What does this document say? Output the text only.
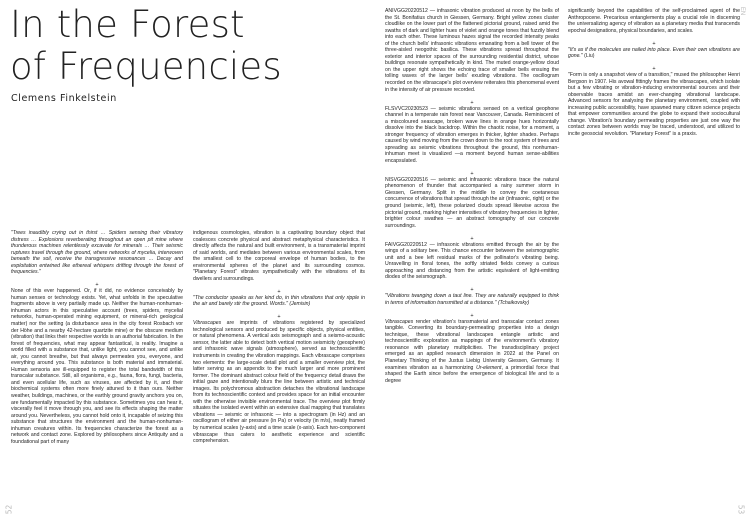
In the Forest
of Frequencies
Clemens Finkelstein

"Trees inaudibly crying out in thirst … Spiders sensing their vibratory distress … Explosions reverberating throughout an open pit mine where thunderous machines relentlessly excavate for minerals … Their seismic ruptures travel through the ground, where networks of mycelia, interwoven beneath the soil, receive the transgressive resonances … Decay and exploitation entwined like ethereal whispers drifting through the forest of frequencies."

+

None of this ever happened. Or, if it did, no evidence conceivably by human senses or technology exists. Yet, what unfolds in the speculative fragments above is very partially made up. Neither the human-nonhuman-inhuman actors in this speculative account (trees, spiders, mycelial networks, human-operated mining equipment, or mineral-rich geological matter) nor the setting (a disturbance area in the city forest Rosbach vor der Höhe and a nearby 42-hectare quartzite mine) or the obscure medium (vibration) that links their respective worlds is an authorial fabrication. In the forest of frequencies, what may appear fantastical, is reality. Imagine a world filled with a substance that, unlike light, you cannot see, and unlike air, you cannot breathe, but that always permeates you, everyone, and everything around you. This substance is both material and immaterial. Human sensoria are ill-equipped to register the total bandwidth of this transcalar substance. Still, all organisms, e.g., fauna, flora, fungi, bacteria, and even acellular life, such as viruses, are affected by it, and their biochemical systems often more finely attuned to it than ours. Neither weather, buildings, machines, or the earthly ground gravity anchors you on, are fundamentally impacted by this substance. Sometimes you can hear it, viscerally feel it move through you, and see its effects shaping the matter around you. Nevertheless, you cannot hold onto it, incapable of seizing this substance that structures the environment and the human-nonhuman-inhuman creatures within. Its frequencies characterize the forest as a network and contact zone. Explored by philosophers since Antiquity and a foundational part of many

indigenous cosmologies, vibration is a captivating boundary object that coalesces concrete physical and abstract metaphysical characteristics. It directly affects the natural and built environment, is a transmaterial imprint of said worlds, and mediates between various environmental scales, from the smallest cell to the corporeal envelope of human bodies, to the environmental spheres of the planet and its surrounding cosmos. "Planetary Forest" vibrates sympathetically with the vibrations of its dwellers and surroundings.

+

"The conductor speaks as her kind do, in thin vibrations that only ripple in the air and barely stir the ground. Words." (Jemisin)

+

Vibrascapes are imprints of vibrations registered by specialized technological sensors and produced by specific objects, physical entities, or natural phenomena. A vertical axis seismograph and a seismo-acoustic sensor, the latter able to detect both vertical motion seismicity (geosphere) and infrasonic wave signals (atmosphere), served as technoscientific instruments in creating the vibration mappings. Each vibrascape comprises two elements: the large-scale detail plot and a smaller overview plot, the latter serving as an appendix to the much larger and more prominent former. The dominant abstract colour field of the frequency detail draws the initial gaze and intentionally blurs the line between artistic and technical images. Its polychromous abstraction detaches the vibrational landscape from its technoscientific context and provides space for an initial encounter with the otherwise invisible environmental trace. The overview plot firmly situates the isolated event within an extensive dual mapping that translates vibrations — seismic or infrasonic — into a spectrogram (in Hz) and an oscillogram of either air pressure (in Pa) or velocity (in m/s), neatly framed by numerical scales (y-axis) and a time scale (x-axis). Each two-component vibrascape thus caters to aesthetic experience and scientific comprehension.

52

ANIVGG20220512 — infrasonic vibration produced at noon by the bells of the St. Bonifatius church in Giessen, Germany. Bright yellow zones cluster cloudlike on the lower part of the flattened pictorial ground, raised amid the swaths of dark and lighter hues of violet and orange tones that fuzzily blend into each other. These luminous hazes signal the recorded intensity peaks of the church bells' infrasonic vibrations emanating from a bell tower of the three-aisled neogothic basilica. These vibrations spread throughout the exterior and interior spaces of the surrounding residential district, whose buildings resonate sympathetically in kind. The muted orange-yellow cloud on the upper right shows the echoing trace of smaller bells ensuing the tolling waves of the larger bells' exuding vibrations. The oscillogram recorded on the vibrascape's plot overview reiterates this phenomenal event in the intensity of air pressure recorded.

+

FLSVVC20230523 — seismic vibrations sensed on a vertical geophone channel in a temperate rain forest near Vancouver, Canada. Reminiscent of a miscoloured seascape, broken wave lines in orange hues horizontally dissolve into the black backdrop. Within the chaotic noise, for a moment, a stronger frequency of vibration emerges in thicker, lighter shades. Perhaps caused by wind moving from the crown down to the root system of trees and spreading as seismic vibrations throughout the ground, this nonhuman-inhuman meet is visualized —a moment beyond human sense-abilities encapsulated.

+

NISVGG20220516 — seismic and infrasonic vibrations trace the natural phenomenon of thunder that accompanied a rainy summer storm in Giessen, Germany. Split in the middle to convey the coetaneous concurrence of vibrations that spread through the air (infrasonic, right) or the ground (seismic, left), these polarized clouds spread likewise across the pictorial ground, marking higher intensities of vibratory frequencies in lighter, brighter colour swathes — an abstract tomography of our concrete surroundings.

+

FAIVGG20220512 — infrasonic vibrations emitted through the air by the wings of a solitary bee. This chance encounter between the seismographic unit and a bee left residual marks of the pollinator's vibrating being. Unravelling in floral tones, the softly striated fields convey a curious approaching and distancing from the artistic equivalent of light-emitting diodes of the seismograph.

+

"Vibrations twanging down a taut line. They are naturally equipped to think in terms of information transmitted at a distance." (Tchaikovsky)

+

Vibrascapes render vibration's transmaterial and transcalar contact zones tangible. Converting its boundary-permeating properties into a design technique, these vibrational landscapes entangle artistic and technoscientific exploration as mappings of the environment's vibratory resonance with planetary multiplicities. The transdisciplinary project emerged as an applied research dimension in 2022 at the Panel on Planetary Thinking of the Justus Liebig University Giessen, Germany. It examines vibration as a harmonizing Ur-element, a primordial force that shaped the Earth since before the emergence of biological life and to a degree

significantly beyond the capabilities of the self-proclaimed agent of the Anthropocene. Precarious entanglements play a crucial role in discerning the universalizing agency of vibration as a planetary media that transcends epochal designations, physical boundaries, and scales.

+

"It's as if the molecules are nailed into place. Even their own vibrations are gone." (Liu)

+

"Form is only a snapshot view of a transition," mused the philosopher Henri Bergson in 1907. His avowal fittingly frames the vibrascapes, which isolate but a few vibrating or vibration-inducing environmental sources and their observable traces amidst an ever-changing vibrational landscape. Advanced sensors for analysing the planetary environment, coupled with increasing public accessibility, have spawned many citizen science projects that empower communities around the globe to expand their sociocultural change. Vibration's boundary permeating properties are just one way the contact zones between worlds may be traced, understood, and utilized to incite geosocial revolution. "Planetary Forest" is a praxis.

EN
53
